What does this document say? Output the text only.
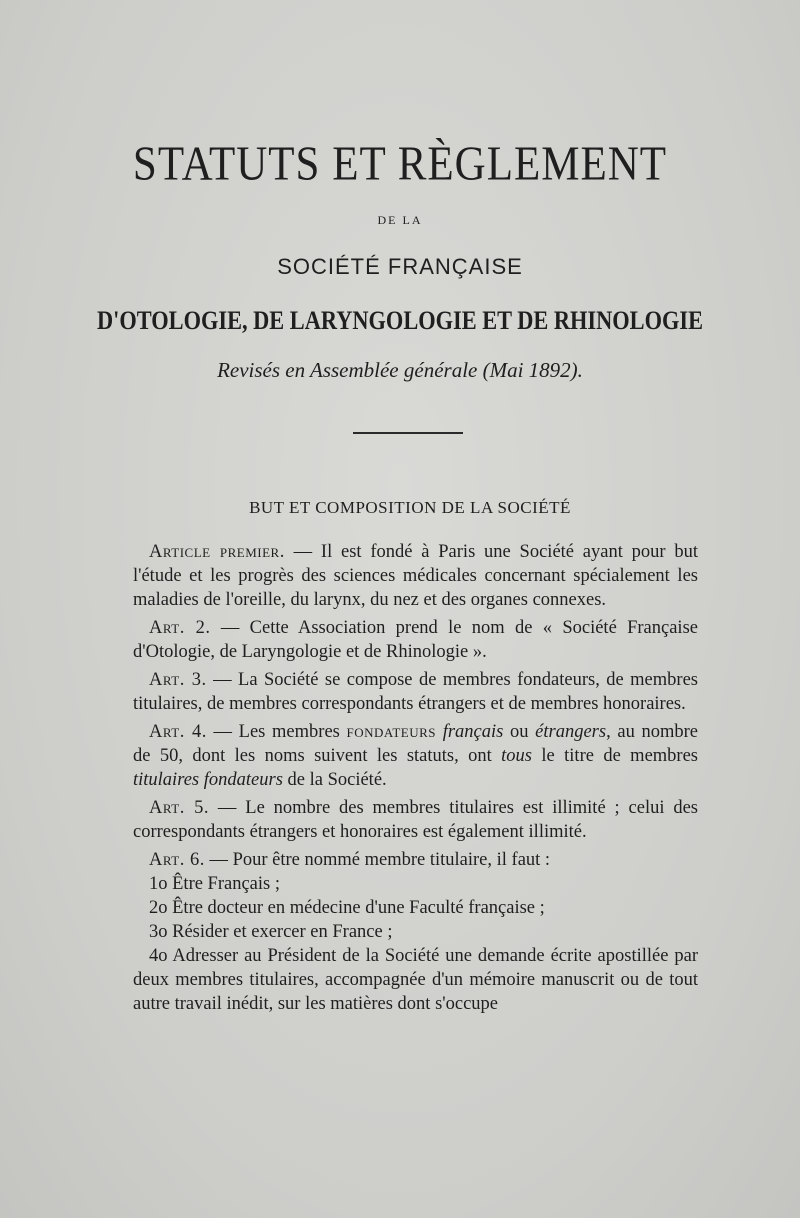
STATUTS ET RÈGLEMENT
DE LA
SOCIÉTÉ FRANÇAISE
D'OTOLOGIE, DE LARYNGOLOGIE ET DE RHINOLOGIE
Revisés en Assemblée générale (Mai 1892).
BUT ET COMPOSITION DE LA SOCIÉTÉ

Article premier. — Il est fondé à Paris une Société ayant pour but l'étude et les progrès des sciences médicales concernant spécialement les maladies de l'oreille, du larynx, du nez et des organes connexes.

Art. 2. — Cette Association prend le nom de « Société Française d'Otologie, de Laryngologie et de Rhinologie ».

Art. 3. — La Société se compose de membres fondateurs, de membres titulaires, de membres correspondants étrangers et de membres honoraires.

Art. 4. — Les membres fondateurs français ou étrangers, au nombre de 50, dont les noms suivent les statuts, ont tous le titre de membres titulaires fondateurs de la Société.

Art. 5. — Le nombre des membres titulaires est illimité ; celui des correspondants étrangers et honoraires est également illimité.

Art. 6. — Pour être nommé membre titulaire, il faut :

1o Être Français ;

2o Être docteur en médecine d'une Faculté française ;

3o Résider et exercer en France ;

4o Adresser au Président de la Société une demande écrite apostillée par deux membres titulaires, accompagnée d'un mémoire manuscrit ou de tout autre travail inédit, sur les matières dont s'occupe
